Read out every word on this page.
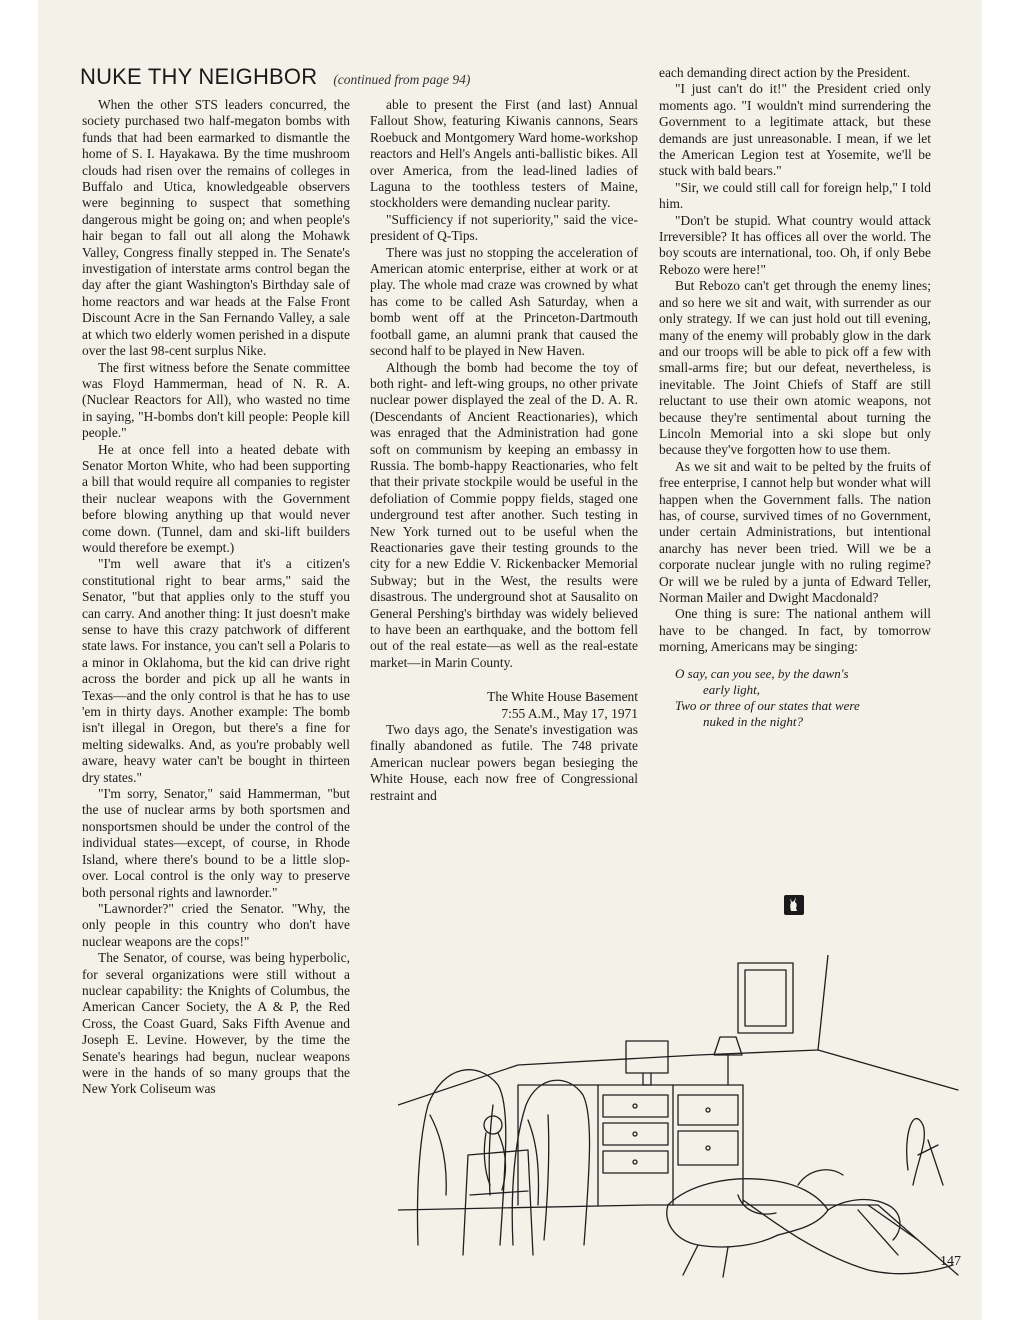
NUKE THY NEIGHBOR (continued from page 94)

When the other STS leaders concurred, the society purchased two half-megaton bombs with funds that had been earmarked to dismantle the home of S. I. Hayakawa. By the time mushroom clouds had risen over the remains of colleges in Buffalo and Utica, knowledgeable observers were beginning to suspect that something dangerous might be going on; and when people's hair began to fall out all along the Mohawk Valley, Congress finally stepped in. The Senate's investigation of interstate arms control began the day after the giant Washington's Birthday sale of home reactors and war heads at the False Front Discount Acre in the San Fernando Valley, a sale at which two elderly women perished in a dispute over the last 98-cent surplus Nike.

The first witness before the Senate committee was Floyd Hammerman, head of N. R. A. (Nuclear Reactors for All), who wasted no time in saying, "H-bombs don't kill people: People kill people."

He at once fell into a heated debate with Senator Morton White, who had been supporting a bill that would require all companies to register their nuclear weapons with the Government before blowing anything up that would never come down. (Tunnel, dam and ski-lift builders would therefore be exempt.)

"I'm well aware that it's a citizen's constitutional right to bear arms," said the Senator, "but that applies only to the stuff you can carry. And another thing: It just doesn't make sense to have this crazy patchwork of different state laws. For instance, you can't sell a Polaris to a minor in Oklahoma, but the kid can drive right across the border and pick up all he wants in Texas—and the only control is that he has to use 'em in thirty days. Another example: The bomb isn't illegal in Oregon, but there's a fine for melting sidewalks. And, as you're probably well aware, heavy water can't be bought in thirteen dry states."

"I'm sorry, Senator," said Hammerman, "but the use of nuclear arms by both sportsmen and nonsportsmen should be under the control of the individual states—except, of course, in Rhode Island, where there's bound to be a little slop-over. Local control is the only way to preserve both personal rights and lawnorder."

"Lawnorder?" cried the Senator. "Why, the only people in this country who don't have nuclear weapons are the cops!"

The Senator, of course, was being hyperbolic, for several organizations were still without a nuclear capability: the Knights of Columbus, the American Cancer Society, the A & P, the Red Cross, the Coast Guard, Saks Fifth Avenue and Joseph E. Levine. However, by the time the Senate's hearings had begun, nuclear weapons were in the hands of so many groups that the New York Coliseum was

able to present the First (and last) Annual Fallout Show, featuring Kiwanis cannons, Sears Roebuck and Montgomery Ward home-workshop reactors and Hell's Angels anti-ballistic bikes. All over America, from the lead-lined ladies of Laguna to the toothless testers of Maine, stockholders were demanding nuclear parity.

"Sufficiency if not superiority," said the vice-president of Q-Tips.

There was just no stopping the acceleration of American atomic enterprise, either at work or at play. The whole mad craze was crowned by what has come to be called Ash Saturday, when a bomb went off at the Princeton-Dartmouth football game, an alumni prank that caused the second half to be played in New Haven.

Although the bomb had become the toy of both right- and left-wing groups, no other private nuclear power displayed the zeal of the D. A. R. (Descendants of Ancient Reactionaries), which was enraged that the Administration had gone soft on communism by keeping an embassy in Russia. The bomb-happy Reactionaries, who felt that their private stockpile would be useful in the defoliation of Commie poppy fields, staged one underground test after another. Such testing in New York turned out to be useful when the Reactionaries gave their testing grounds to the city for a new Eddie V. Rickenbacker Memorial Subway; but in the West, the results were disastrous. The underground shot at Sausalito on General Pershing's birthday was widely believed to have been an earthquake, and the bottom fell out of the real estate—as well as the real-estate market—in Marin County.

The White House Basement
7:55 A.M., May 17, 1971

Two days ago, the Senate's investigation was finally abandoned as futile. The 748 private American nuclear powers began besieging the White House, each now free of Congressional restraint and

each demanding direct action by the President.

"I just can't do it!" the President cried only moments ago. "I wouldn't mind surrendering the Government to a legitimate attack, but these demands are just unreasonable. I mean, if we let the American Legion test at Yosemite, we'll be stuck with bald bears."

"Sir, we could still call for foreign help," I told him.

"Don't be stupid. What country would attack Irreversible? It has offices all over the world. The boy scouts are international, too. Oh, if only Bebe Rebozo were here!"

But Rebozo can't get through the enemy lines; and so here we sit and wait, with surrender as our only strategy. If we can just hold out till evening, many of the enemy will probably glow in the dark and our troops will be able to pick off a few with small-arms fire; but our defeat, nevertheless, is inevitable. The Joint Chiefs of Staff are still reluctant to use their own atomic weapons, not because they're sentimental about turning the Lincoln Memorial into a ski slope but only because they've forgotten how to use them.

As we sit and wait to be pelted by the fruits of free enterprise, I cannot help but wonder what will happen when the Government falls. The nation has, of course, survived times of no Government, under certain Administrations, but intentional anarchy has never been tried. Will we be a corporate nuclear jungle with no ruling regime? Or will we be ruled by a junta of Edward Teller, Norman Mailer and Dwight Macdonald?

One thing is sure: The national anthem will have to be changed. In fact, by tomorrow morning, Americans may be singing:

O say, can you see, by the dawn's
early light,
Two or three of our states that were
nuked in the night?
147
